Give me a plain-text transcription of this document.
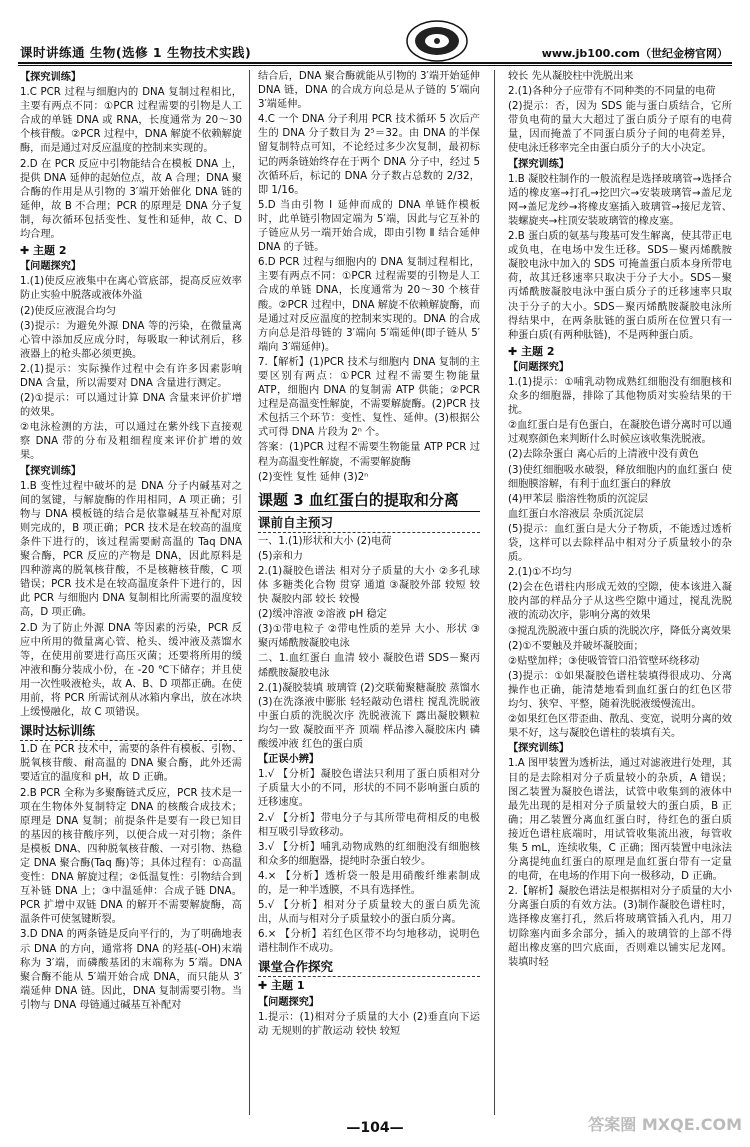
课时讲练通 生物(选修 1 生物技术实践)	www.jb100.com（世纪金榜官网）
【探究训练】
1.C PCR 过程与细胞内的 DNA 复制过程相比，主要有两点不同：①PCR 过程需要的引物是人工合成的单链 DNA 或 RNA，长度通常为 20～30 个核苷酸。②PCR 过程中，DNA 解旋不依赖解旋酶，而是通过对反应温度的控制来实现的。
2.D 在 PCR 反应中引物能结合在模板 DNA 上，提供 DNA 延伸的起始位点，故 A 合理；DNA 聚合酶的作用是从引物的 3′端开始催化 DNA 链的延伸，故 B 不合理；PCR 的原理是 DNA 分子复制，每次循环包括变性、复性和延伸，故 C、D 均合理。
✚ 主题 2
【问题探究】
1.(1)使反应液集中在离心管底部，提高反应效率 防止实验中脱落或液体外溢
(2)使反应液混合均匀
(3)提示：为避免外源 DNA 等的污染，在微量离心管中添加反应成分时，每吸取一种试剂后，移液器上的枪头都必须更换。
2.(1)提示：实际操作过程中会有许多因素影响 DNA 含量，所以需要对 DNA 含量进行测定。
(2)①提示：可以通过计算 DNA 含量来评价扩增的效果。
②电泳检测的方法，可以通过在紫外线下直接观察 DNA 带的分布及粗细程度来评价扩增的效果。
【探究训练】
1.B 变性过程中破坏的是 DNA 分子内碱基对之间的氢键，与解旋酶的作用相同，A 项正确；引物与 DNA 模板链的结合是依靠碱基互补配对原则完成的，B 项正确；PCR 技术是在较高的温度条件下进行的，该过程需要耐高温的 Taq DNA 聚合酶，PCR 反应的产物是 DNA，因此原料是四种游离的脱氧核苷酸，不是核糖核苷酸，C 项错误；PCR 技术是在较高温度条件下进行的，因此 PCR 与细胞内 DNA 复制相比所需要的温度较高，D 项正确。
2.D 为了防止外源 DNA 等因素的污染，PCR 反应中所用的微量离心管、枪头、缓冲液及蒸馏水等，在使用前要进行高压灭菌；还要将所用的缓冲液和酶分装成小份，在 -20 ℃下储存；并且使用一次性吸液枪头，故 A、B、D 项都正确。在使用前，将 PCR 所需试剂从冰箱内拿出，放在冰块上缓慢融化，故 C 项错误。
课时达标训练
1.D 在 PCR 技术中，需要的条件有模板、引物、脱氧核苷酸、耐高温的 DNA 聚合酶，此外还需要适宜的温度和 pH，故 D 正确。
2.B PCR 全称为多聚酶链式反应，PCR 技术是一项在生物体外复制特定 DNA 的核酸合成技术；原理是 DNA 复制；前提条件是要有一段已知目的基因的核苷酸序列，以便合成一对引物；条件是模板 DNA、四种脱氧核苷酸、一对引物、热稳定 DNA 聚合酶(Taq 酶)等；具体过程有：①高温变性：DNA 解旋过程；②低温复性：引物结合到互补链 DNA 上；③中温延伸：合成子链 DNA。PCR 扩增中双链 DNA 的解开不需要解旋酶，高温条件可使氢键断裂。
3.D DNA 的两条链是反向平行的，为了明确地表示 DNA 的方向，通常将 DNA 的羟基(-OH)末端称为 3′端，而磷酸基团的末端称为 5′端。DNA 聚合酶不能从 5′端开始合成 DNA，而只能从 3′端延伸 DNA 链。因此，DNA 复制需要引物。当引物与 DNA 母链通过碱基互补配对
结合后，DNA 聚合酶就能从引物的 3′端开始延伸 DNA 链，DNA 的合成方向总是从子链的 5′端向 3′端延伸。
4.C 一个 DNA 分子利用 PCR 技术循环 5 次后产生的 DNA 分子数目为 2⁵＝32。由 DNA 的半保留复制特点可知，不论经过多少次复制，最初标记的两条链始终存在于两个 DNA 分子中，经过 5 次循环后，标记的 DNA 分子数占总数的 2/32，即 1/16。
5.D 当由引物 Ⅰ 延伸而成的 DNA 单链作模板时，此单链引物固定端为 5′端，因此与它互补的子链应从另一端开始合成，即由引物 Ⅱ 结合延伸 DNA 的子链。
6.D PCR 过程与细胞内的 DNA 复制过程相比，主要有两点不同：①PCR 过程需要的引物是人工合成的单链 DNA，长度通常为 20～30 个核苷酸。②PCR 过程中，DNA 解旋不依赖解旋酶，而是通过对反应温度的控制来实现的。DNA 的合成方向总是沿母链的 3′端向 5′端延伸(即子链从 5′端向 3′端延伸)。
7.【解析】(1)PCR 技术与细胞内 DNA 复制的主要区别有两点：①PCR 过程不需要生物能量 ATP，细胞内 DNA 的复制需 ATP 供能；②PCR 过程是高温变性解旋，不需要解旋酶。(2)PCR 技术包括三个环节：变性、复性、延伸。(3)根据公式可得 DNA 片段为 2ⁿ 个。
答案：(1)PCR 过程不需要生物能量 ATP PCR 过程为高温变性解旋，不需要解旋酶
(2)变性 复性 延伸 (3)2ⁿ
课题 3 血红蛋白的提取和分离
课前自主预习
一、1.(1)形状和大小 (2)电荷
(5)亲和力
2.(1)凝胶色谱法 相对分子质量的大小 ②多孔球体 多糖类化合物 贯穿 通道 ③凝胶外部 较短 较快 凝胶内部 较长 较慢
(2)缓冲溶液 ②溶液 pH 稳定
(3)①带电粒子 ②带电性质的差异 大小、形状 ③聚丙烯酰胺凝胶电泳
二、1.血红蛋白 血清 较小 凝胶色谱 SDS－聚丙烯酰胺凝胶电泳
2.(1)凝胶装填 玻璃管 (2)交联葡聚糖凝胶 蒸馏水 (3)在洗涤液中膨胀 轻轻敲动色谱柱 搅乱洗脱液中蛋白质的洗脱次序 洗脱液流下 露出凝胶颗粒 均匀一致 凝胶面平齐 顶端 样品渗入凝胶床内 磷酸缓冲液 红色的蛋白质
【正误小辨】
1.√ 【分析】凝胶色谱法只利用了蛋白质相对分子质量大小的不同，形状的不同不影响蛋白质的迁移速度。
2.√ 【分析】带电分子与其所带电荷相反的电极相互吸引导致移动。
3.√ 【分析】哺乳动物成熟的红细胞没有细胞核和众多的细胞器，提纯时杂蛋白较少。
4.× 【分析】透析袋一般是用硝酸纤维素制成的，是一种半透膜，不具有选择性。
5.√ 【分析】相对分子质量较大的蛋白质先流出，从而与相对分子质量较小的蛋白质分离。
6.× 【分析】若红色区带不均匀地移动，说明色谱柱制作不成功。
课堂合作探究
✚ 主题 1
【问题探究】
1.提示：(1)相对分子质量的大小 (2)垂直向下运动 无规则的扩散运动 较快 较短
较长 先从凝胶柱中洗脱出来
2.(1)各种分子应带有不同种类的不同量的电荷
(2)提示：否，因为 SDS 能与蛋白质结合，它所带负电荷的量大大超过了蛋白质分子原有的电荷量，因而掩盖了不同蛋白质分子间的电荷差异，使电泳迁移率完全由蛋白质分子的大小决定。
【探究训练】
1.B 凝胶柱制作的一般流程是选择玻璃管→选择合适的橡皮塞→打孔→挖凹穴→安装玻璃管→盖尼龙网→盖尼龙纱→将橡皮塞插入玻璃管→接尼龙管、装螺旋夹→柱顶安装玻璃管的橡皮塞。
2.B 蛋白质的氨基与羧基可发生解离，使其带正电或负电，在电场中发生迁移。SDS－聚丙烯酰胺凝胶电泳中加入的 SDS 可掩盖蛋白质本身所带电荷，故其迁移速率只取决于分子大小。SDS－聚丙烯酰胺凝胶电泳中蛋白质分子的迁移速率只取决于分子的大小。SDS－聚丙烯酰胺凝胶电泳所得结果中，在两条肽链的蛋白质所在位置只有一种蛋白质(有两种肽链)，不是两种蛋白质。
✚ 主题 2
【问题探究】
1.(1)提示：①哺乳动物成熟红细胞没有细胞核和众多的细胞器，排除了其他物质对实验结果的干扰。
②血红蛋白是有色蛋白，在凝胶色谱分离时可以通过观察颜色来判断什么时候应该收集洗脱液。
(2)去除杂蛋白 离心后的上清液中没有黄色
(3)使红细胞吸水破裂，释放细胞内的血红蛋白 使细胞膜溶解，有利于血红蛋白的释放
(4)甲苯层 脂溶性物质的沉淀层
血红蛋白水溶液层 杂质沉淀层
(5)提示：血红蛋白是大分子物质，不能透过透析袋，这样可以去除样品中相对分子质量较小的杂质。
2.(1)①不均匀
(2)会在色谱柱内形成无效的空隙，使本该进入凝胶内部的样品分子从这些空隙中通过，搅乱洗脱液的流动次序，影响分离的效果
③搅乱洗脱液中蛋白质的洗脱次序，降低分离效果
(2)①不要触及并破坏凝胶面；
②贴壁加样；③使吸管管口沿管壁环绕移动
(3)提示：①如果凝胶色谱柱装填得很成功、分离操作也正确，能清楚地看到血红蛋白的红色区带均匀、狭窄、平整，随着洗脱液缓慢流出。
②如果红色区带歪曲、散乱、变宽，说明分离的效果不好，这与凝胶色谱柱的装填有关。
【探究训练】
1.A 图甲装置为透析法，通过对滤液进行处理，其目的是去除相对分子质量较小的杂质，A 错误；图乙装置为凝胶色谱法，试管中收集到的液体中最先出现的是相对分子质量较大的蛋白质，B 正确；用乙装置分离血红蛋白时，待红色的蛋白质接近色谱柱底端时，用试管收集流出液，每管收集 5 mL，连续收集，C 正确；图丙装置中电泳法分离提纯血红蛋白的原理是血红蛋白带有一定量的电荷，在电场的作用下向一极移动，D 正确。
2.【解析】凝胶色谱法是根据相对分子质量的大小分离蛋白质的有效方法。(3)制作凝胶色谱柱时，选择橡皮塞打孔，然后将玻璃管插入孔内，用刀切除塞内面多余部分，插入的玻璃管的上部不得超出橡皮塞的凹穴底面，否则难以铺实尼龙网。装填时轻
—104—	答案圈 MXQE.COM
